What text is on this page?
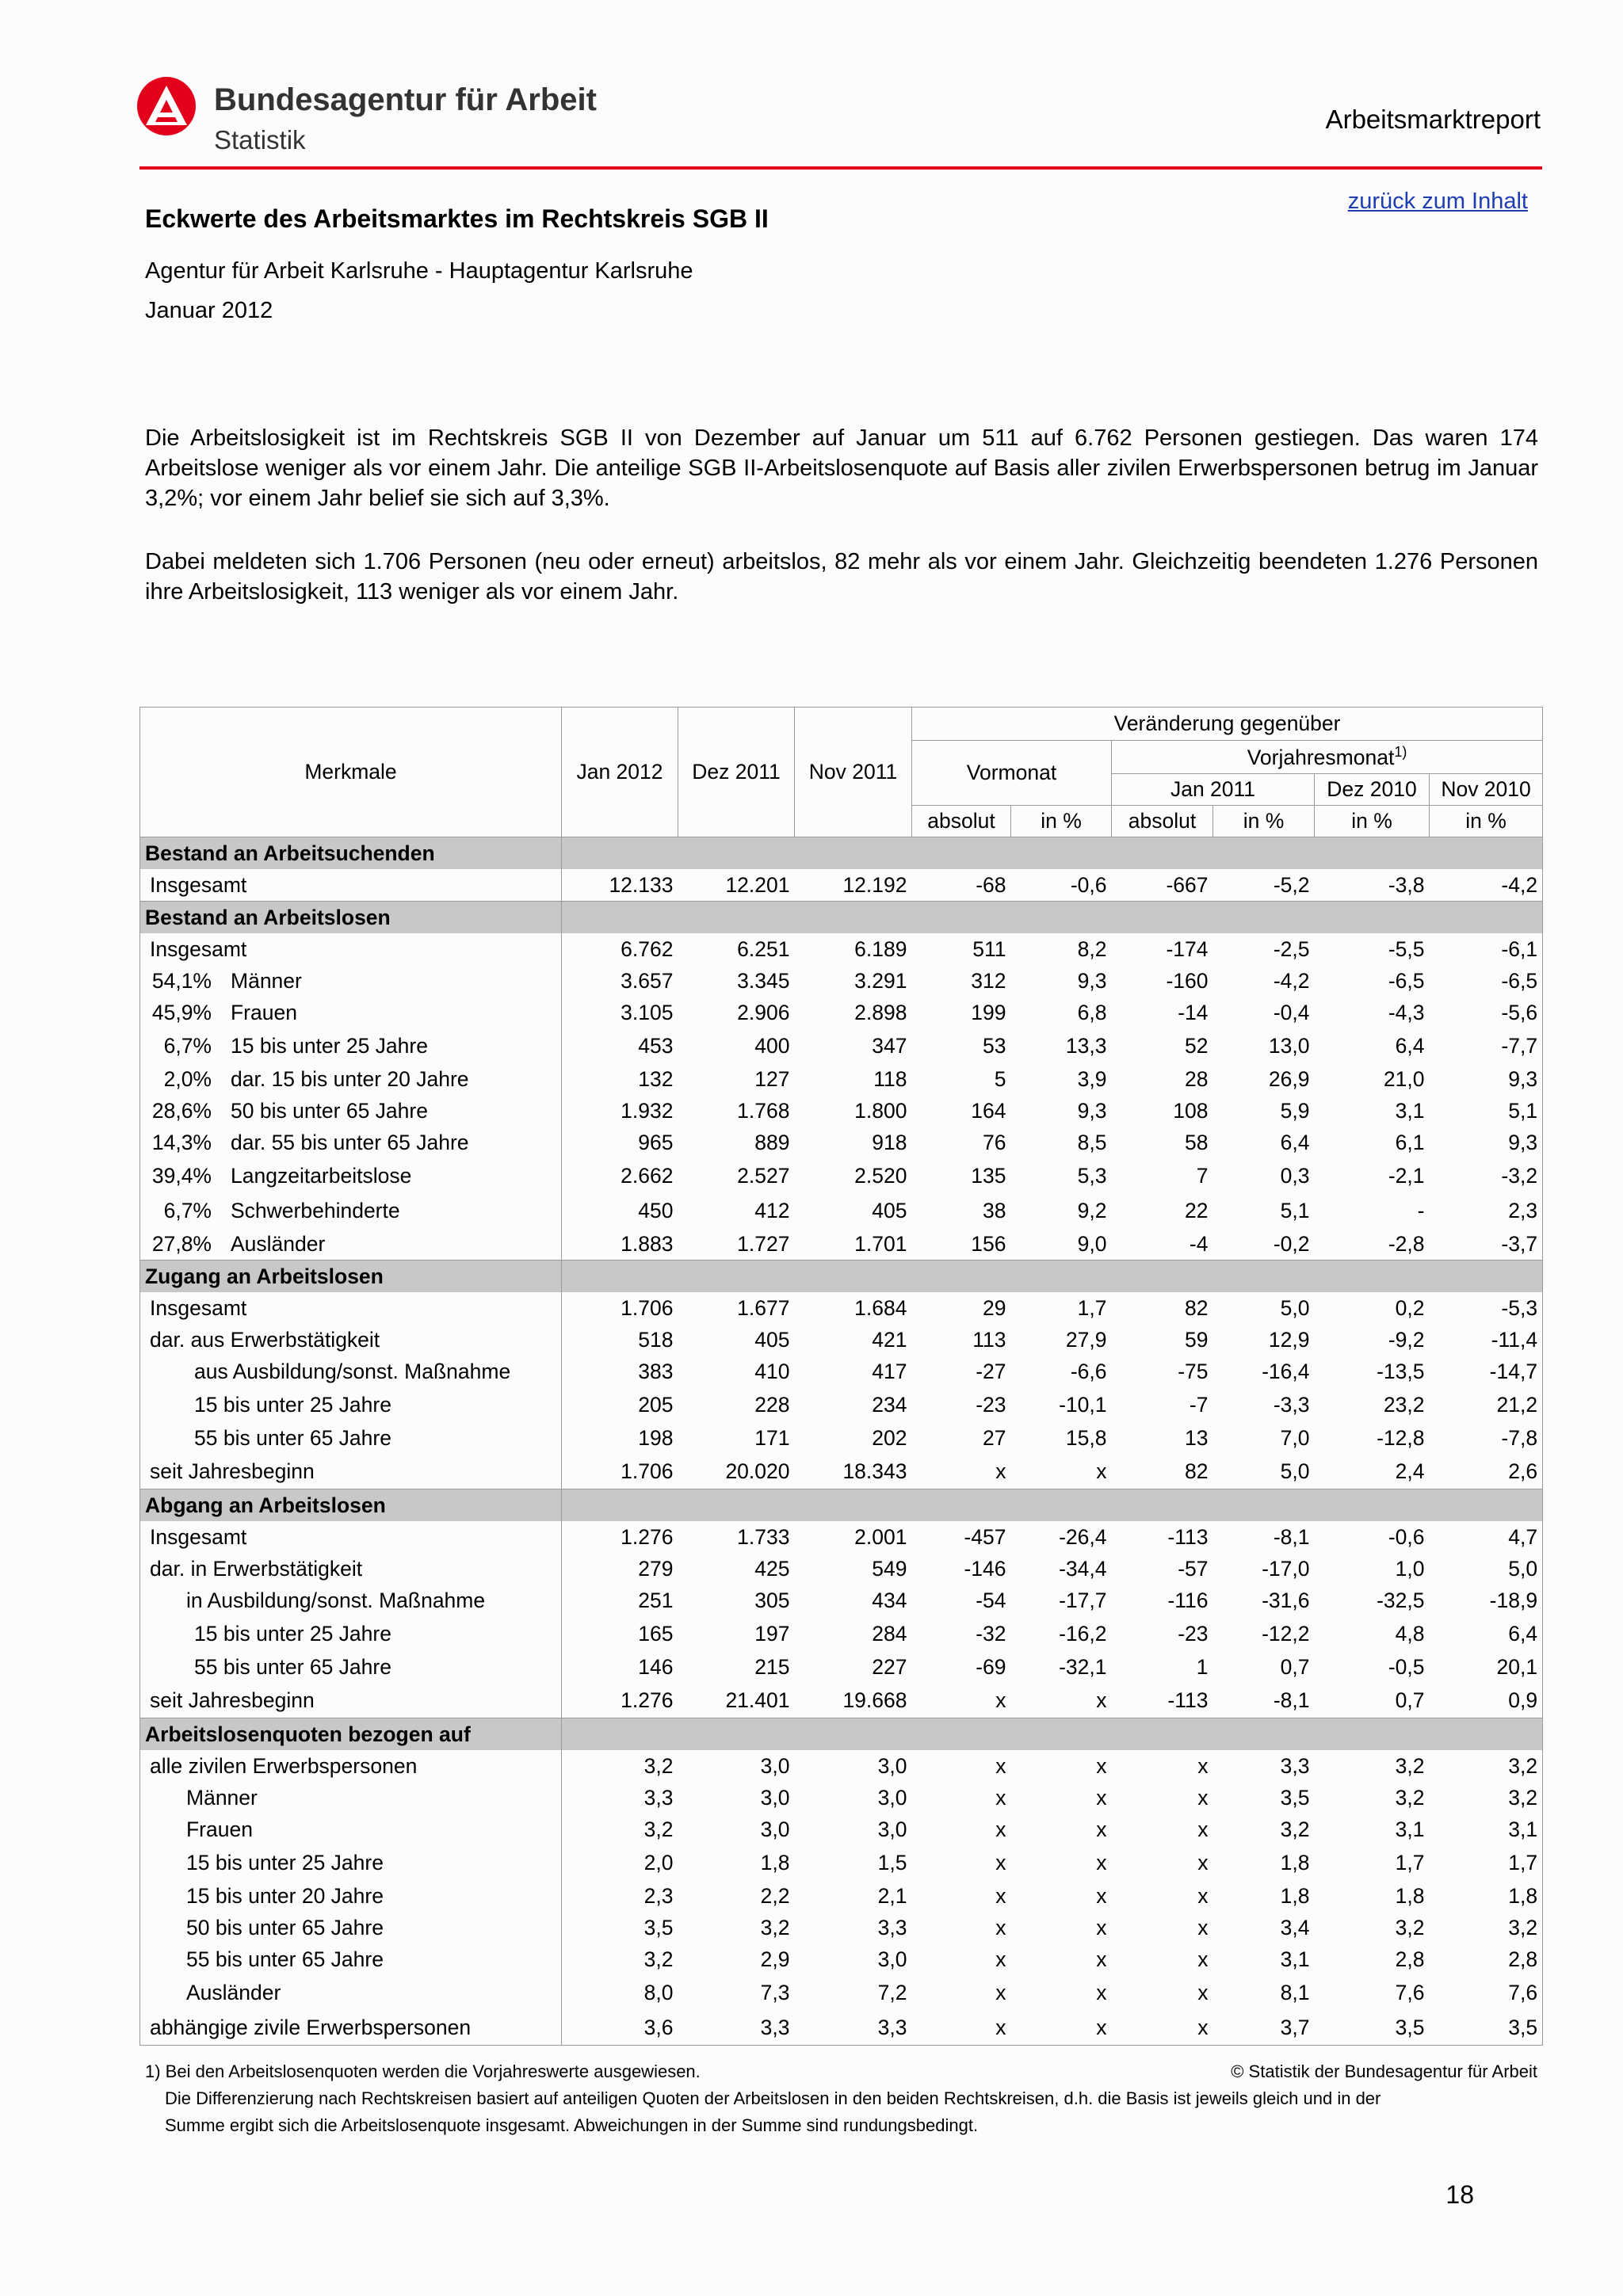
Bundesagentur für Arbeit
Statistik
Arbeitsmarktreport
zurück zum Inhalt
Eckwerte des Arbeitsmarktes im Rechtskreis SGB II
Agentur für Arbeit Karlsruhe - Hauptagentur Karlsruhe
Januar 2012

Die Arbeitslosigkeit ist im Rechtskreis SGB II von Dezember auf Januar um 511 auf 6.762 Personen gestiegen. Das waren 174 Arbeitslose weniger als vor einem Jahr. Die anteilige SGB II-Arbeitslosenquote auf Basis aller zivilen Erwerbspersonen betrug im Januar 3,2%; vor einem Jahr belief sie sich auf 3,3%.

Dabei meldeten sich 1.706 Personen (neu oder erneut) arbeitslos, 82 mehr als vor einem Jahr. Gleichzeitig beendeten 1.276 Personen ihre Arbeitslosigkeit, 113 weniger als vor einem Jahr.

Merkmale	Jan 2012	Dez 2011	Nov 2011	Veränderung gegenüber					
				Vormonat		Vorjahresmonat$^{1)}$
						Jan 2011		Dez 2010	Nov 2010
				absolut	in %	absolut	in %	in %	in %
Bestand an Arbeitsuchenden									
Insgesamt	12.133	12.201	12.192	-68	-0,6	-667	-5,2	-3,8	-4,2
Bestand an Arbeitslosen									
Insgesamt	6.762	6.251	6.189	511	8,2	-174	-2,5	-5,5	-6,1
54,1% Männer	3.657	3.345	3.291	312	9,3	-160	-4,2	-6,5	-6,5
45,9% Frauen	3.105	2.906	2.898	199	6,8	-14	-0,4	-4,3	-5,6
6,7% 15 bis unter 25 Jahre	453	400	347	53	13,3	52	13,0	6,4	-7,7
2,0% dar. 15 bis unter 20 Jahre	132	127	118	5	3,9	28	26,9	21,0	9,3
28,6% 50 bis unter 65 Jahre	1.932	1.768	1.800	164	9,3	108	5,9	3,1	5,1
14,3% dar. 55 bis unter 65 Jahre	965	889	918	76	8,5	58	6,4	6,1	9,3
39,4% Langzeitarbeitslose	2.662	2.527	2.520	135	5,3	7	0,3	-2,1	-3,2
6,7% Schwerbehinderte	450	412	405	38	9,2	22	5,1	-	2,3
27,8% Ausländer	1.883	1.727	1.701	156	9,0	-4	-0,2	-2,8	-3,7
Zugang an Arbeitslosen									
Insgesamt	1.706	1.677	1.684	29	1,7	82	5,0	0,2	-5,3
dar. aus Erwerbstätigkeit	518	405	421	113	27,9	59	12,9	-9,2	-11,4
aus Ausbildung/sonst. Maßnahme	383	410	417	-27	-6,6	-75	-16,4	-13,5	-14,7
15 bis unter 25 Jahre	205	228	234	-23	-10,1	-7	-3,3	23,2	21,2
55 bis unter 65 Jahre	198	171	202	27	15,8	13	7,0	-12,8	-7,8
seit Jahresbeginn	1.706	20.020	18.343	x	x	82	5,0	2,4	2,6
Abgang an Arbeitslosen									
Insgesamt	1.276	1.733	2.001	-457	-26,4	-113	-8,1	-0,6	4,7
dar. in Erwerbstätigkeit	279	425	549	-146	-34,4	-57	-17,0	1,0	5,0
in Ausbildung/sonst. Maßnahme	251	305	434	-54	-17,7	-116	-31,6	-32,5	-18,9
15 bis unter 25 Jahre	165	197	284	-32	-16,2	-23	-12,2	4,8	6,4
55 bis unter 65 Jahre	146	215	227	-69	-32,1	1	0,7	-0,5	20,1
seit Jahresbeginn	1.276	21.401	19.668	x	x	-113	-8,1	0,7	0,9
Arbeitslosenquoten bezogen auf									
alle zivilen Erwerbspersonen	3,2	3,0	3,0	x	x	x	3,3	3,2	3,2
Männer	3,3	3,0	3,0	x	x	x	3,5	3,2	3,2
Frauen	3,2	3,0	3,0	x	x	x	3,2	3,1	3,1
15 bis unter 25 Jahre	2,0	1,8	1,5	x	x	x	1,8	1,7	1,7
15 bis unter 20 Jahre	2,3	2,2	2,1	x	x	x	1,8	1,8	1,8
50 bis unter 65 Jahre	3,5	3,2	3,3	x	x	x	3,4	3,2	3,2
55 bis unter 65 Jahre	3,2	2,9	3,0	x	x	x	3,1	2,8	2,8
Ausländer	8,0	7,3	7,2	x	x	x	8,1	7,6	7,6
abhängige zivile Erwerbspersonen	3,6	3,3	3,3	x	x	x	3,7	3,5	3,5
1) Bei den Arbeitslosenquoten werden die Vorjahreswerte ausgewiesen.
Die Differenzierung nach Rechtskreisen basiert auf anteiligen Quoten der Arbeitslosen in den beiden Rechtskreisen, d.h. die Basis ist jeweils gleich und in der
Summe ergibt sich die Arbeitslosenquote insgesamt. Abweichungen in der Summe sind rundungsbedingt.
© Statistik der Bundesagentur für Arbeit
18
